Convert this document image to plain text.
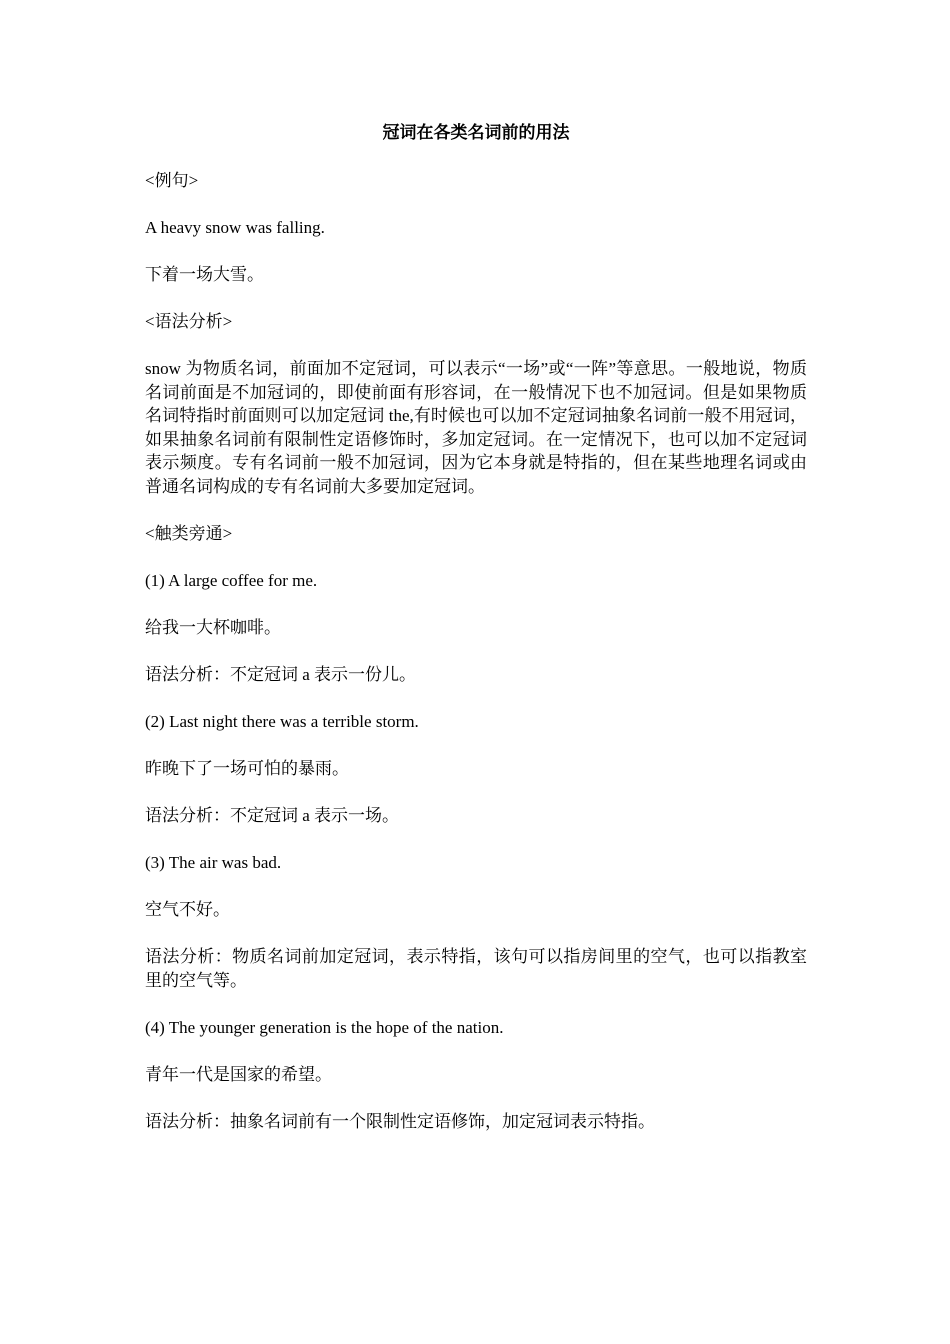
冠词在各类名词前的用法

<例句>

A heavy snow was falling.

下着一场大雪。

<语法分析>

snow 为物质名词，前面加不定冠词，可以表示“一场”或“一阵”等意思。一般地说，物质名词前面是不加冠词的，即使前面有形容词，在一般情况下也不加冠词。但是如果物质名词特指时前面则可以加定冠词 the,有时候也可以加不定冠词抽象名词前一般不用冠词，如果抽象名词前有限制性定语修饰时，多加定冠词。在一定情况下，也可以加不定冠词表示频度。专有名词前一般不加冠词，因为它本身就是特指的，但在某些地理名词或由普通名词构成的专有名词前大多要加定冠词。

<触类旁通>

(1) A large coffee for me.

给我一大杯咖啡。

语法分析：不定冠词 a 表示一份儿。

(2) Last night there was a terrible storm.

昨晚下了一场可怕的暴雨。

语法分析：不定冠词 a 表示一场。

(3) The air was bad.

空气不好。

语法分析：物质名词前加定冠词，表示特指，该句可以指房间里的空气，也可以指教室里的空气等。

(4) The younger generation is the hope of the nation.

青年一代是国家的希望。

语法分析：抽象名词前有一个限制性定语修饰，加定冠词表示特指。
